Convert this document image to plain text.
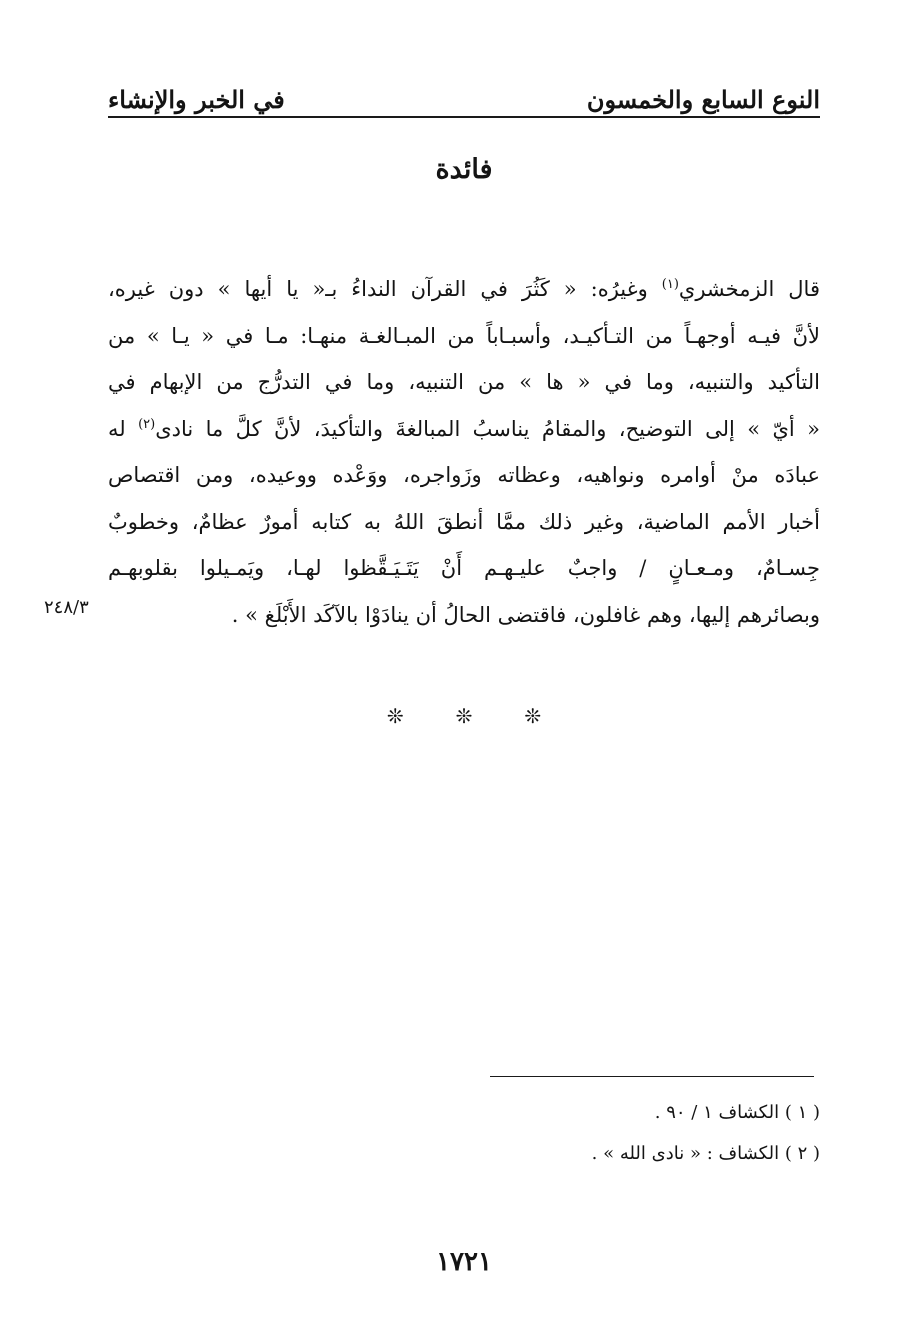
النوع السابع والخمسون
في الخبر والإنشاء
فائدة
قال الزمخشري$^{(١)}$ وغيرُه: « كَثُرَ في القرآن النداءُ بـ« يا أيها » دون غيره،
لأنَّ فيـه أوجهـاً من التـأكيـد، وأسبـاباً من المبـالغـة منهـا: مـا في « يـا » من
التأكيد والتنبيه، وما في « ها » من التنبيه، وما في التدرُّج من الإبهام في
« أيّ » إلى التوضيح، والمقامُ يناسبُ المبالغةَ والتأكيدَ، لأنَّ كلَّ ما نادى$^{(٢)}$ له
عبادَه منْ أوامره ونواهيه، وعظاته وزَواجره، ووَعْده ووعيده، ومن اقتصاص
أخبار الأمم الماضية، وغير ذلك ممَّا أنطقَ اللهُ به كتابه أمورٌ عظامٌ، وخطوبٌ
جِسـامٌ، ومـعـانٍ / واجبٌ عليـهـم أَنْ يَتَـيَـقَّظوا لهـا، ويَمـيلوا بقلوبهـم
وبصائرهم إليها، وهم غافلون، فاقتضى الحالُ أن ينادَوْا بالآكَد الأَبْلَغ » .
٢٤٨/٣
❊❊❊
( ١ ) الكشاف ١ / ٩٠ .
( ٢ ) الكشاف : « نادى الله » .
١٧٢١
